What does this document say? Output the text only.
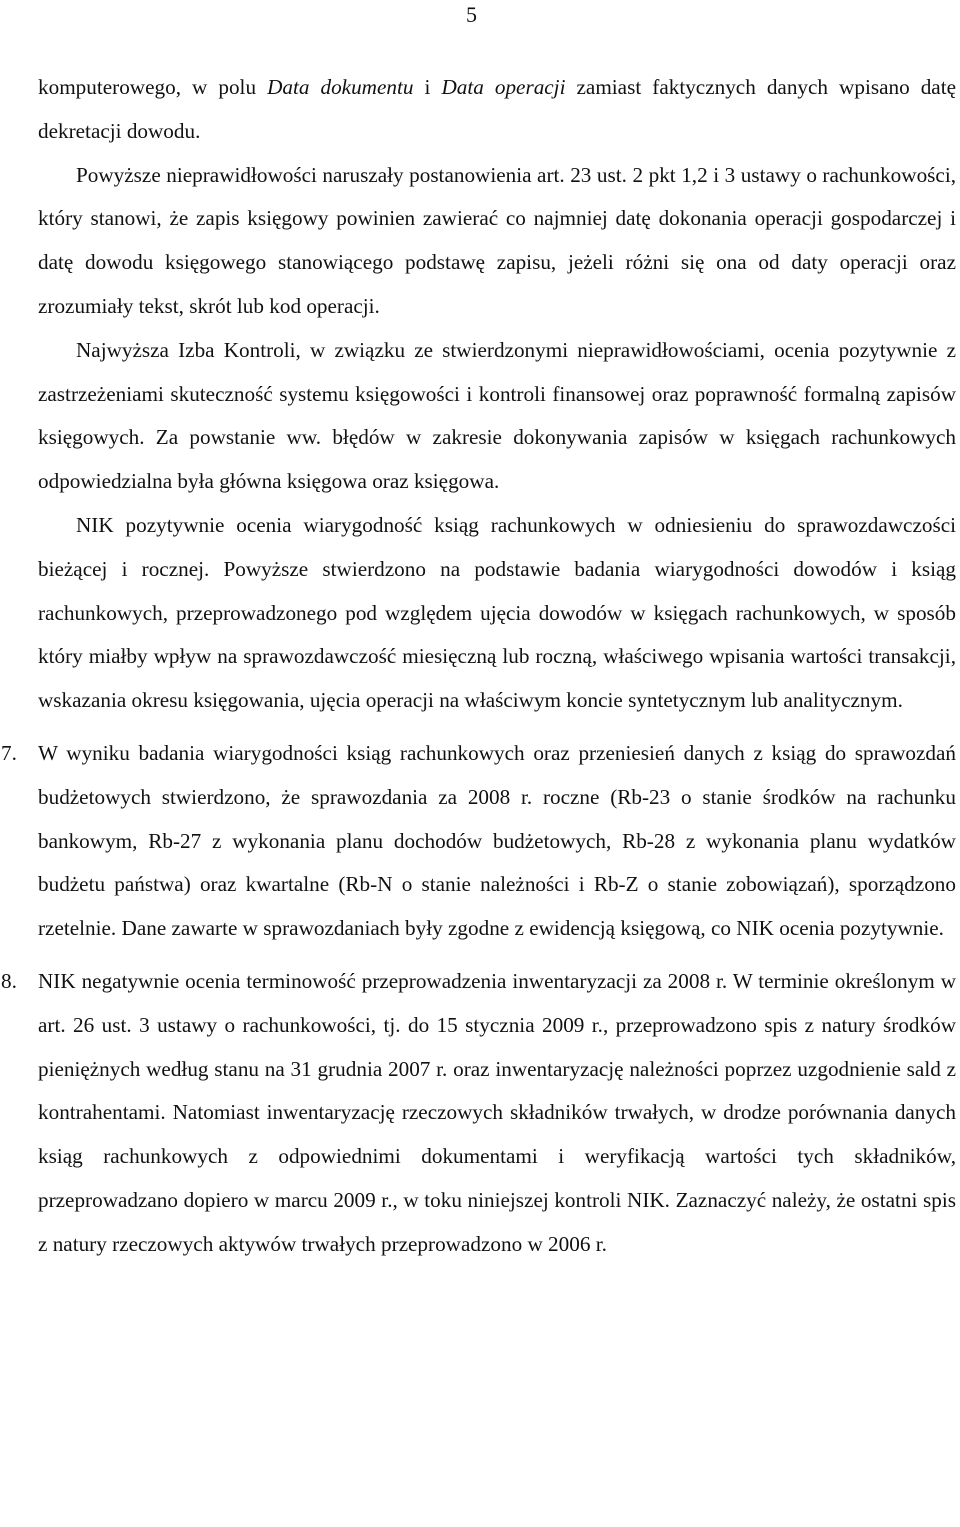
5

komputerowego, w polu Data dokumentu i Data operacji zamiast faktycznych danych wpisano datę dekretacji dowodu.

Powyższe nieprawidłowości naruszały postanowienia art. 23 ust. 2 pkt 1,2 i 3 ustawy o rachunkowości, który stanowi, że zapis księgowy powinien zawierać co najmniej datę dokonania operacji gospodarczej i datę dowodu księgowego stanowiącego podstawę zapisu, jeżeli różni się ona od daty operacji oraz zrozumiały tekst, skrót lub kod operacji.

Najwyższa Izba Kontroli, w związku ze stwierdzonymi nieprawidłowościami, ocenia pozytywnie z zastrzeżeniami skuteczność systemu księgowości i kontroli finansowej oraz poprawność formalną zapisów księgowych. Za powstanie ww. błędów w zakresie dokonywania zapisów w księgach rachunkowych odpowiedzialna była główna księgowa oraz księgowa.

NIK pozytywnie ocenia wiarygodność ksiąg rachunkowych w odniesieniu do sprawozdawczości bieżącej i rocznej. Powyższe stwierdzono na podstawie badania wiarygodności dowodów i ksiąg rachunkowych, przeprowadzonego pod względem ujęcia dowodów w księgach rachunkowych, w sposób który miałby wpływ na sprawozdawczość miesięczną lub roczną, właściwego wpisania wartości transakcji, wskazania okresu księgowania, ujęcia operacji na właściwym koncie syntetycznym lub analitycznym.

7. W wyniku badania wiarygodności ksiąg rachunkowych oraz przeniesień danych z ksiąg do sprawozdań budżetowych stwierdzono, że sprawozdania za 2008 r. roczne (Rb-23 o stanie środków na rachunku bankowym, Rb-27 z wykonania planu dochodów budżetowych, Rb-28 z wykonania planu wydatków budżetu państwa) oraz kwartalne (Rb-N o stanie należności i Rb-Z o stanie zobowiązań), sporządzono rzetelnie. Dane zawarte w sprawozdaniach były zgodne z ewidencją księgową, co NIK ocenia pozytywnie.

8. NIK negatywnie ocenia terminowość przeprowadzenia inwentaryzacji za 2008 r. W terminie określonym w art. 26 ust. 3 ustawy o rachunkowości, tj. do 15 stycznia 2009 r., przeprowadzono spis z natury środków pieniężnych według stanu na 31 grudnia 2007 r. oraz inwentaryzację należności poprzez uzgodnienie sald z kontrahentami. Natomiast inwentaryzację rzeczowych składników trwałych, w drodze porównania danych ksiąg rachunkowych z odpowiednimi dokumentami i weryfikacją wartości tych składników, przeprowadzano dopiero w marcu 2009 r., w toku niniejszej kontroli NIK. Zaznaczyć należy, że ostatni spis z natury rzeczowych aktywów trwałych przeprowadzono w 2006 r.
